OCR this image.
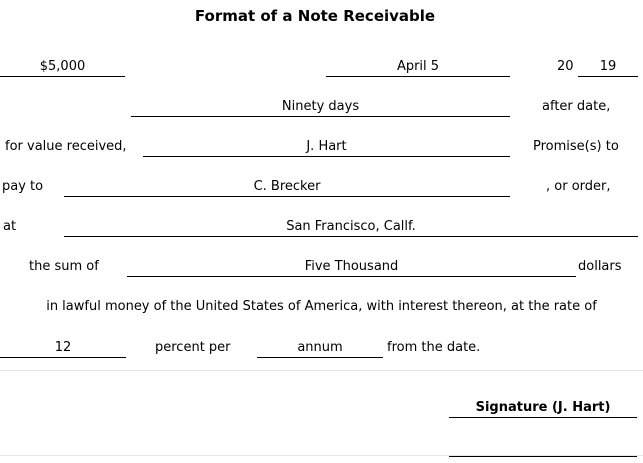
Format of a Note Receivable
$5,000	April 5	20	19
Ninety days	after date,
for value received,	J. Hart	Promise(s) to
pay to	C. Brecker	, or order,
at	San Francisco, Callf.
the sum of	Five Thousand	dollars
in lawful money of the United States of America, with interest thereon, at the rate of
12	percent per	annum	from the date.
Signature (J. Hart)
